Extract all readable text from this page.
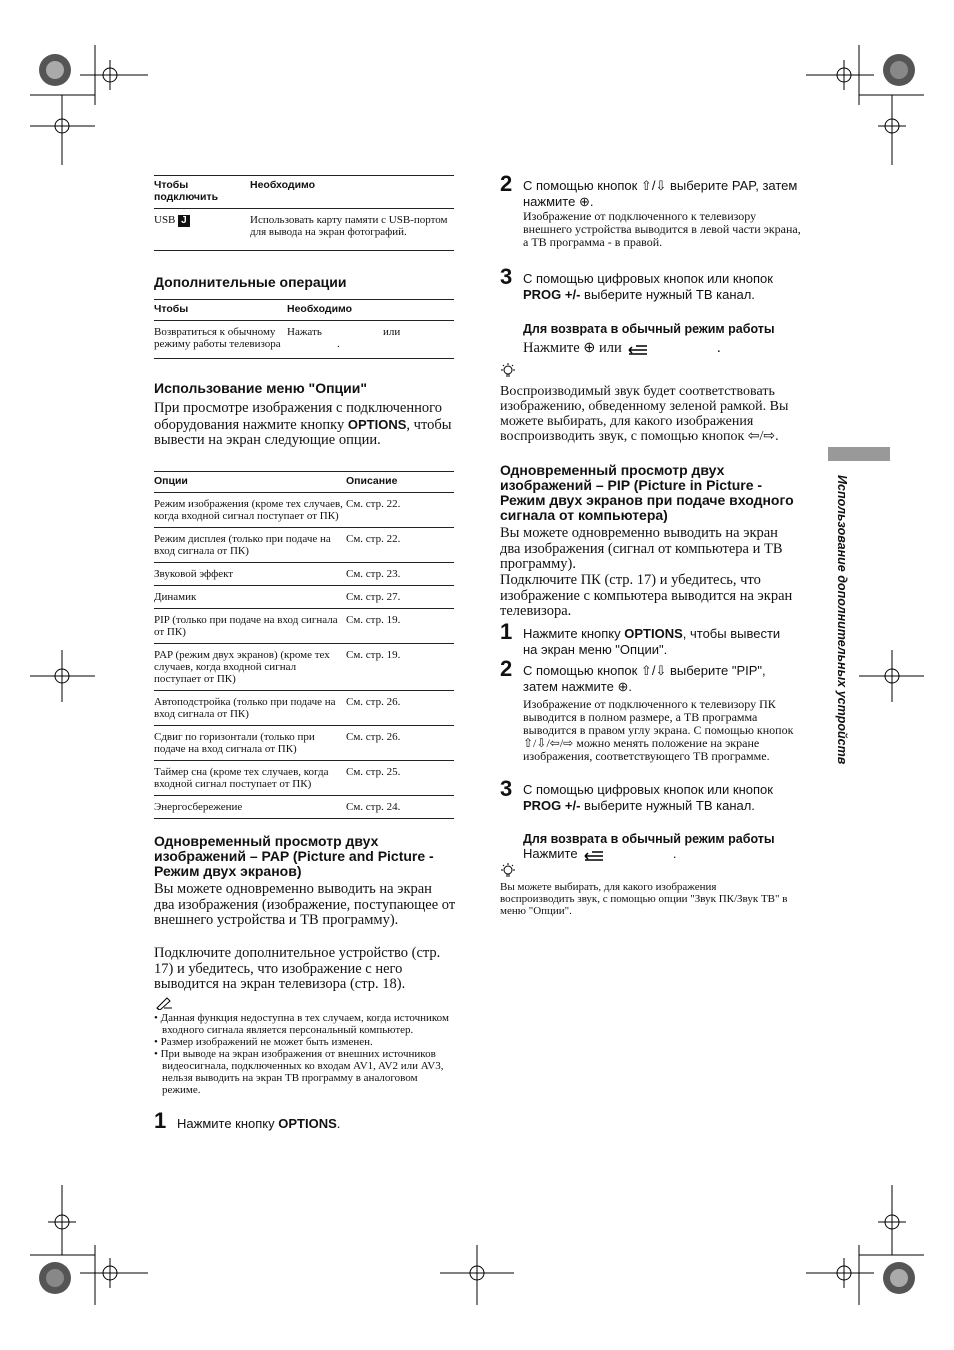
Чтобы подключить	Необходимо
USB J	Использовать карту памяти с USB-портом для вывода на экран фотографий.
Дополнительные операции
Чтобы	Необходимо
Возвратиться к обычному режиму работы телевизора	Нажать или
.
Использование меню "Опции"
При просмотре изображения с подключенного оборудования нажмите кнопку OPTIONS, чтобы вывести на экран следующие опции.
Опции	Описание
Режим изображения (кроме тех случаев, когда входной сигнал поступает от ПК)	См. стр. 22.
Режим дисплея (только при подаче на вход сигнала от ПК)	См. стр. 22.
Звуковой эффект	См. стр. 23.
Динамик	См. стр. 27.
PIP (только при подаче на вход сигнала от ПК)	См. стр. 19.
PAP (режим двух экранов) (кроме тех случаев, когда входной сигнал поступает от ПК)	См. стр. 19.
Автоподстройка (только при подаче на вход сигнала от ПК)	См. стр. 26.
Сдвиг по горизонтали (только при подаче на вход сигнала от ПК)	См. стр. 26.
Таймер сна (кроме тех случаев, когда входной сигнал поступает от ПК)	См. стр. 25.
Энергосбережение	См. стр. 24.
Одновременный просмотр двух изображений – PAP (Picture and Picture - Режим двух экранов)
Вы можете одновременно выводить на экран два изображения (изображение, поступающее от внешнего устройства и ТВ программу).
Подключите дополнительное устройство (стр. 17) и убедитесь, что изображение с него выводится на экран телевизора (стр. 18).
• Данная функция недоступна в тех случаем, когда источником входного сигнала является персональный компьютер.
• Размер изображений не может быть изменен.
• При выводе на экран изображения от внешних источников видеосигнала, подключенных ко входам AV1, AV2 или AV3, нельзя выводить на экран ТВ программу в аналоговом режиме.
1 Нажмите кнопку OPTIONS.
2 С помощью кнопок ⇧/⇩ выберите PAP, затем нажмите ⊕.
Изображение от подключенного к телевизору внешнего устройства выводится в левой части экрана, а ТВ программа - в правой.
3 С помощью цифровых кнопок или кнопок PROG +/- выберите нужный ТВ канал.
Для возврата в обычный режим работы
Нажмите ⊕ или	.
Воспроизводимый звук будет соответствовать изображению, обведенному зеленой рамкой. Вы можете выбирать, для какого изображения воспроизводить звук, с помощью кнопок ⇦/⇨.
Одновременный просмотр двух изображений – PIP (Picture in Picture - Режим двух экранов при подаче входного сигнала от компьютера)
Вы можете одновременно выводить на экран два изображения (сигнал от компьютера и ТВ программу).
Подключите ПК (стр. 17) и убедитесь, что изображение с компьютера выводится на экран телевизора.
1 Нажмите кнопку OPTIONS, чтобы вывести на экран меню "Опции".
2 С помощью кнопок ⇧/⇩ выберите "PIP", затем нажмите ⊕.
Изображение от подключенного к телевизору ПК выводится в полном размере, а ТВ программа выводится в правом углу экрана. С помощью кнопок ⇧/⇩/⇦/⇨ можно менять положение на экране изображения, соответствующего ТВ программе.
3 С помощью цифровых кнопок или кнопок PROG +/- выберите нужный ТВ канал.
Для возврата в обычный режим работы
Нажмите	.
Вы можете выбирать, для какого изображения воспроизводить звук, с помощью опции "Звук ПК/Звук ТВ" в меню "Опции".
Использование дополнительных устройств
